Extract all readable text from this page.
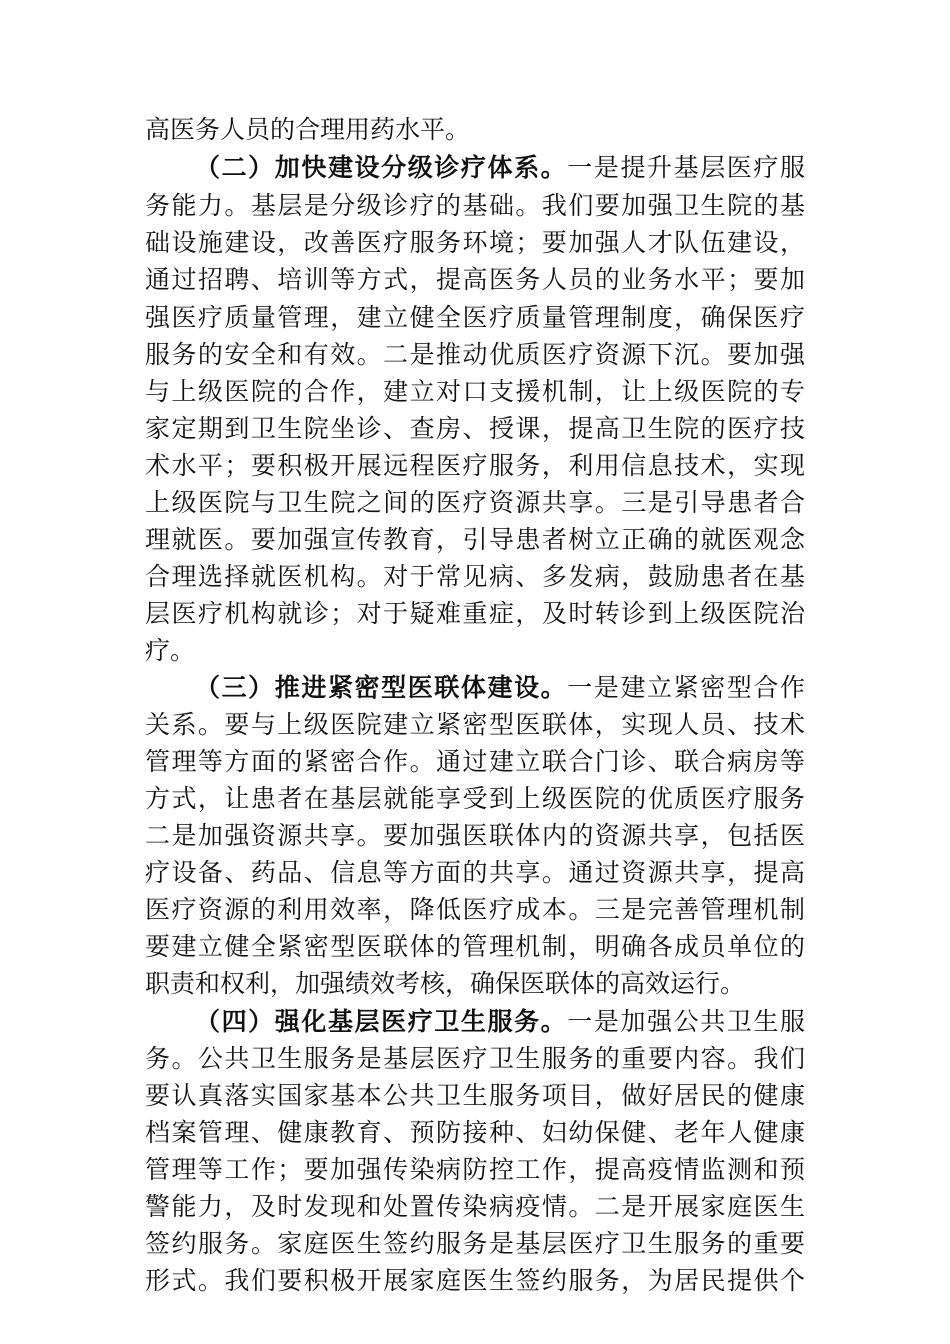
高医务人员的合理用药水平。
（二）加快建设分级诊疗体系。一是提升基层医疗服
务能力。基层是分级诊疗的基础。我们要加强卫生院的基
础设施建设，改善医疗服务环境；要加强人才队伍建设，
通过招聘、培训等方式，提高医务人员的业务水平；要加
强医疗质量管理，建立健全医疗质量管理制度，确保医疗
服务的安全和有效。二是推动优质医疗资源下沉。要加强
与上级医院的合作，建立对口支援机制，让上级医院的专
家定期到卫生院坐诊、查房、授课，提高卫生院的医疗技
术水平；要积极开展远程医疗服务，利用信息技术，实现
上级医院与卫生院之间的医疗资源共享。三是引导患者合
理就医。要加强宣传教育，引导患者树立正确的就医观念
合理选择就医机构。对于常见病、多发病，鼓励患者在基
层医疗机构就诊；对于疑难重症，及时转诊到上级医院治
疗。
（三）推进紧密型医联体建设。一是建立紧密型合作
关系。要与上级医院建立紧密型医联体，实现人员、技术
管理等方面的紧密合作。通过建立联合门诊、联合病房等
方式，让患者在基层就能享受到上级医院的优质医疗服务
二是加强资源共享。要加强医联体内的资源共享，包括医
疗设备、药品、信息等方面的共享。通过资源共享，提高
医疗资源的利用效率，降低医疗成本。三是完善管理机制
要建立健全紧密型医联体的管理机制，明确各成员单位的
职责和权利，加强绩效考核，确保医联体的高效运行。
（四）强化基层医疗卫生服务。一是加强公共卫生服
务。公共卫生服务是基层医疗卫生服务的重要内容。我们
要认真落实国家基本公共卫生服务项目，做好居民的健康
档案管理、健康教育、预防接种、妇幼保健、老年人健康
管理等工作；要加强传染病防控工作，提高疫情监测和预
警能力，及时发现和处置传染病疫情。二是开展家庭医生
签约服务。家庭医生签约服务是基层医疗卫生服务的重要
形式。我们要积极开展家庭医生签约服务，为居民提供个
